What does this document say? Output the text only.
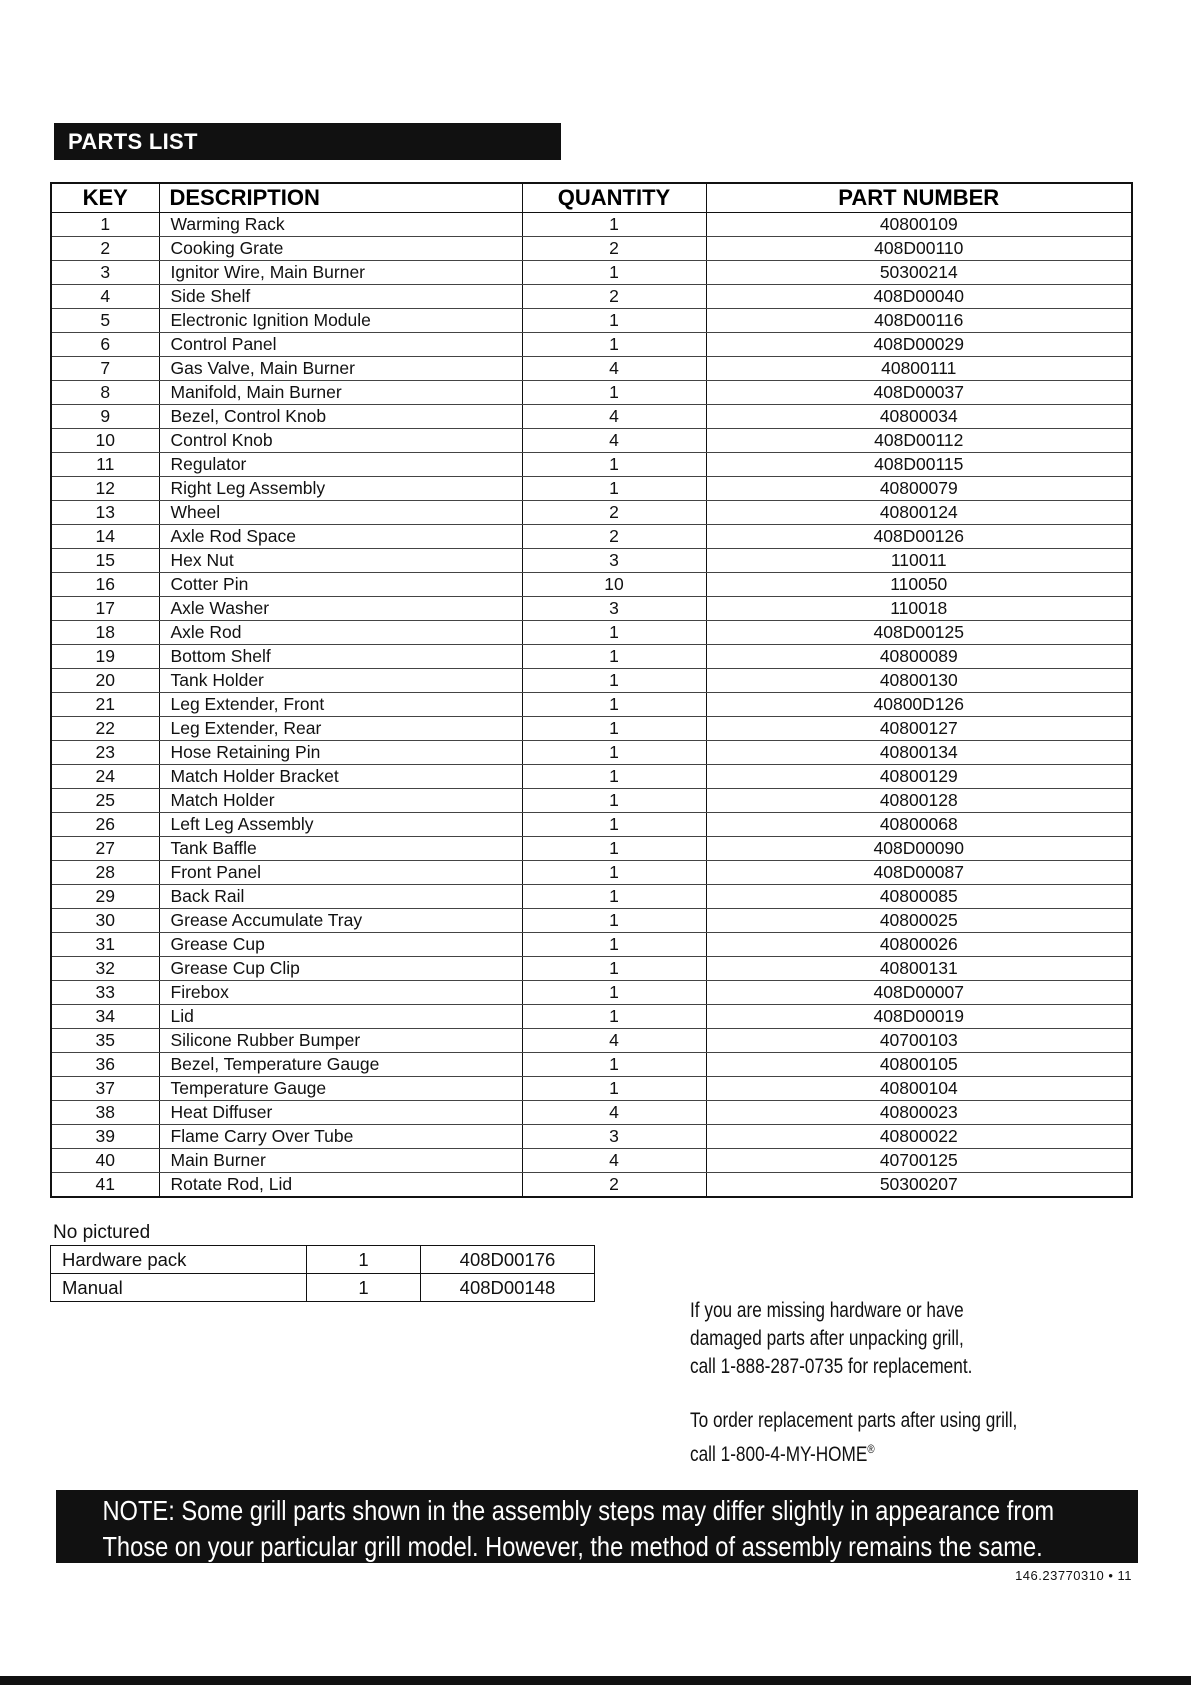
PARTS LIST
KEY	DESCRIPTION	QUANTITY	PART NUMBER
1	Warming Rack	1	40800109
2	Cooking Grate	2	408D00110
3	Ignitor Wire, Main Burner	1	50300214
4	Side Shelf	2	408D00040
5	Electronic Ignition Module	1	408D00116
6	Control Panel	1	408D00029
7	Gas Valve, Main Burner	4	40800111
8	Manifold, Main Burner	1	408D00037
9	Bezel, Control Knob	4	40800034
10	Control Knob	4	408D00112
11	Regulator	1	408D00115
12	Right Leg Assembly	1	40800079
13	Wheel	2	40800124
14	Axle Rod Space	2	408D00126
15	Hex Nut	3	110011
16	Cotter Pin	10	110050
17	Axle Washer	3	110018
18	Axle Rod	1	408D00125
19	Bottom Shelf	1	40800089
20	Tank Holder	1	40800130
21	Leg Extender, Front	1	40800D126
22	Leg Extender, Rear	1	40800127
23	Hose Retaining Pin	1	40800134
24	Match Holder Bracket	1	40800129
25	Match Holder	1	40800128
26	Left Leg Assembly	1	40800068
27	Tank Baffle	1	408D00090
28	Front Panel	1	408D00087
29	Back Rail	1	40800085
30	Grease Accumulate Tray	1	40800025
31	Grease Cup	1	40800026
32	Grease Cup Clip	1	40800131
33	Firebox	1	408D00007
34	Lid	1	408D00019
35	Silicone Rubber Bumper	4	40700103
36	Bezel, Temperature Gauge	1	40800105
37	Temperature Gauge	1	40800104
38	Heat Diffuser	4	40800023
39	Flame Carry Over Tube	3	40800022
40	Main Burner	4	40700125
41	Rotate Rod, Lid	2	50300207
No pictured
Hardware pack	1	408D00176
Manual	1	408D00148

If you are missing hardware or have
damaged parts after unpacking grill,
call 1-888-287-0735 for replacement.

To order replacement parts after using grill,
call 1-800-4-MY-HOME®

NOTE: Some grill parts shown in the assembly steps may differ slightly in appearance from
Those on your particular grill model. However, the method of assembly remains the same.
146.23770310 • 11
